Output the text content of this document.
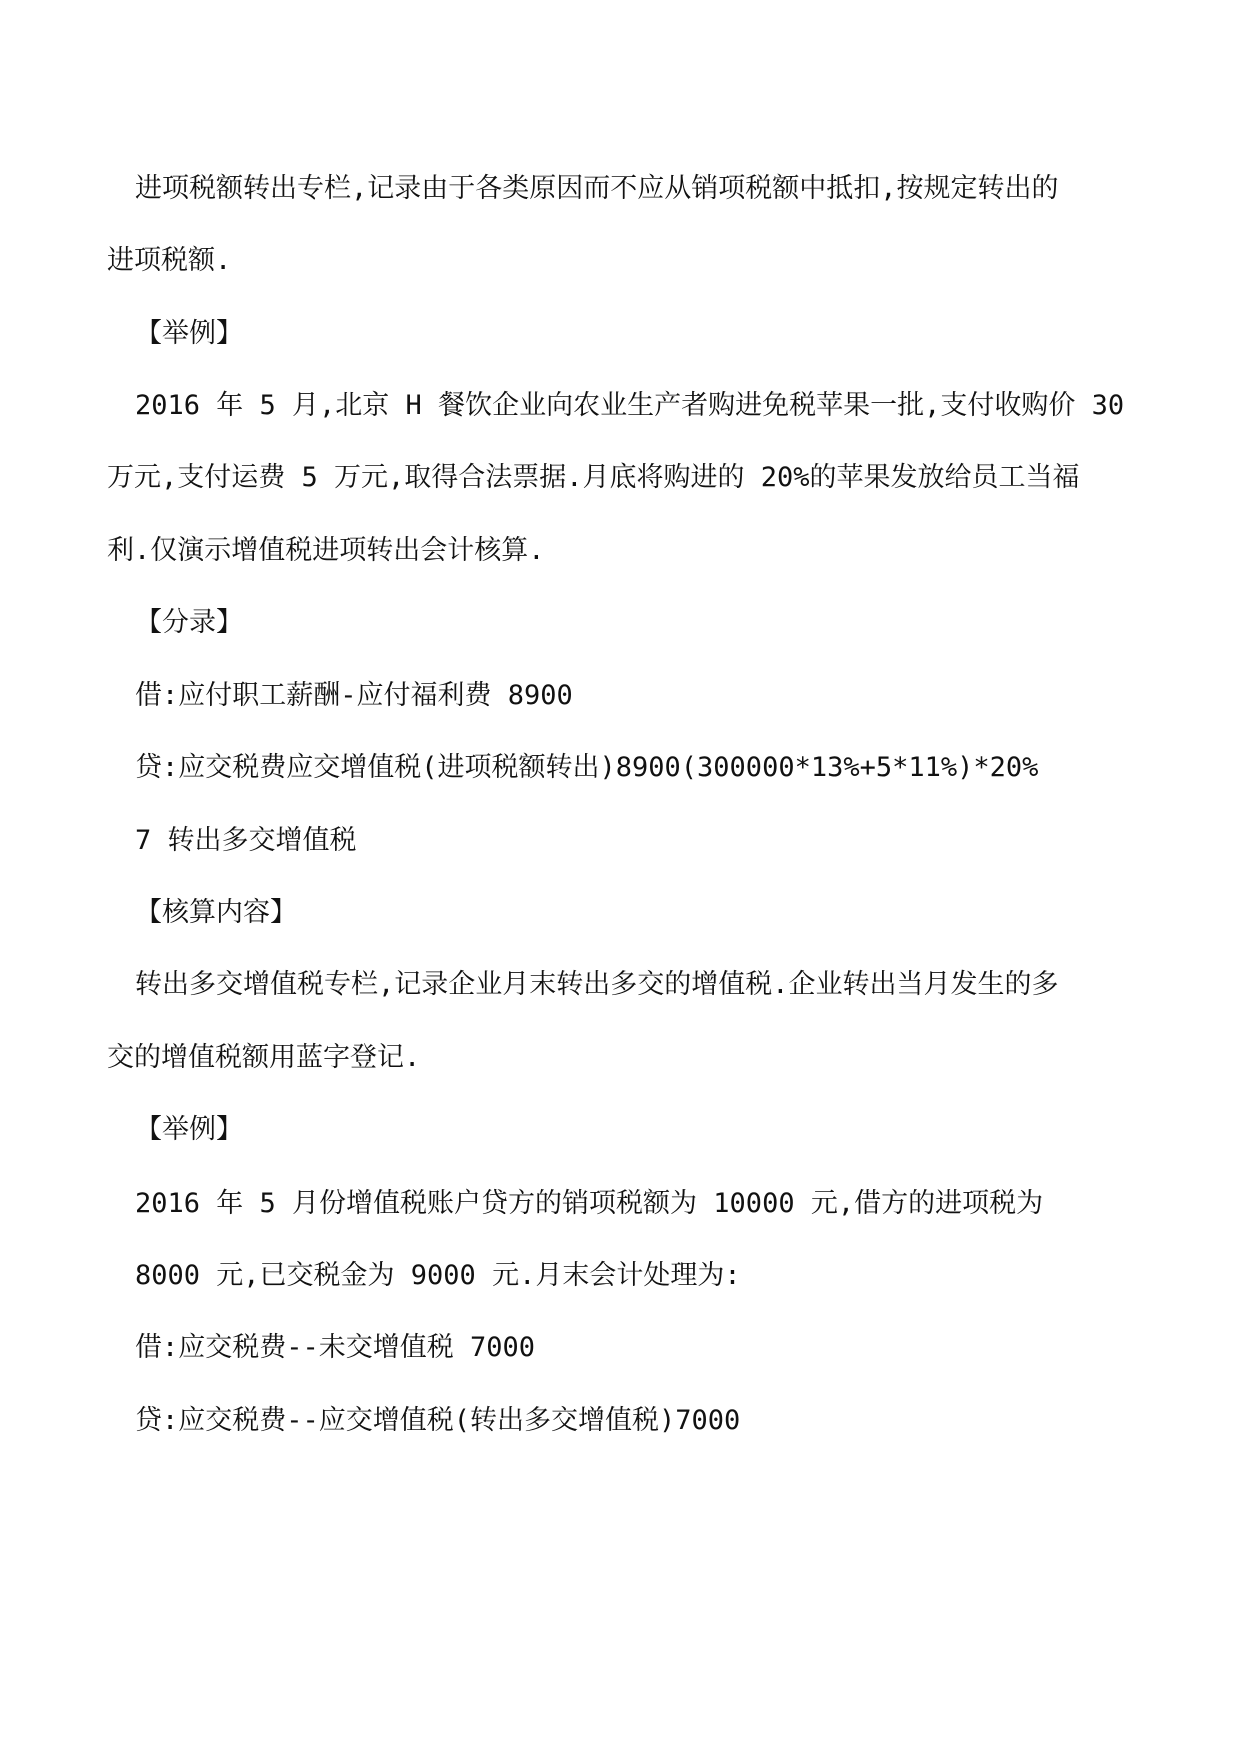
进项税额转出专栏,记录由于各类原因而不应从销项税额中抵扣,按规定转出的
进项税额.
【举例】
2016 年 5 月,北京 H 餐饮企业向农业生产者购进免税苹果一批,支付收购价 30
万元,支付运费 5 万元,取得合法票据.月底将购进的 20%的苹果发放给员工当福
利.仅演示增值税进项转出会计核算.
【分录】
借:应付职工薪酬-应付福利费 8900
贷:应交税费应交增值税(进项税额转出)8900(300000*13%+5*11%)*20%
7 转出多交增值税
【核算内容】
转出多交增值税专栏,记录企业月末转出多交的增值税.企业转出当月发生的多
交的增值税额用蓝字登记.
【举例】
2016 年 5 月份增值税账户贷方的销项税额为 10000 元,借方的进项税为
8000 元,已交税金为 9000 元.月末会计处理为:
借:应交税费--未交增值税 7000
贷:应交税费--应交增值税(转出多交增值税)7000
